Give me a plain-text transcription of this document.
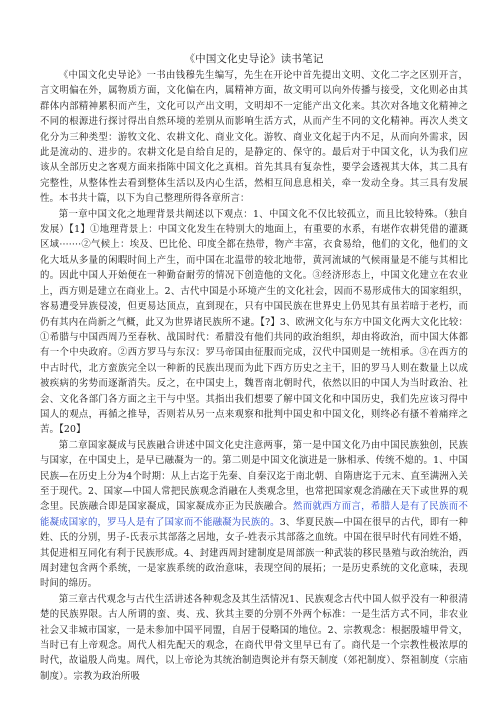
《中国文化史导论》读书笔记

《中国文化史导论》一书由钱穆先生编写，先生在开论中首先提出文明、文化二字之区别开言，言文明偏在外，属物质方面，文化偏在内，属精神方面，故文明可以向外传播与接受，文化则必由其群体内部精神累积而产生，文化可以产出文明，文明却不一定能产出文化来。其次对各地文化精神之不同的根源进行探讨得出自然环境的差别从而影响生活方式，从而产生不同的文化精神。再次人类文化分为三种类型：游牧文化、农耕文化、商业文化。游牧、商业文化起于内不足，从而向外需求，因此是流动的、进步的。农耕文化是自给自足的，是静定的、保守的。最后对于中国文化，认为我们应该从全部历史之客观方面来指陈中国文化之真相。首先其具有复杂性，要学会透视其大体，其二具有完整性，从整体性去看到整体生活以及内心生活，然相互间息息相关，牵一发动全身。其三具有发展性。本书共十篇，以下为自己整理所得各章所言：

第一章中国文化之地理背景共阐述以下观点：1、中国文化不仅比较孤立，而且比较特殊。（独自发展）【1】①地理背景上：中国文化发生在特别大的地面上，有重要的水系，有堪作农耕凭借的灌溉区域·······②气候上：埃及、巴比伦、印度全都在热带，物产丰富，衣食易给，他们的文化，他们的文化大坻从多量的闲暇时间上产生，而中国在北温带的较北地带，黄河流域的气候雨量是不能与其相比的。因此中国人开始便在一种勤奋耐劳的情况下创造他的文化。③经济形态上，中国文化建立在农业上，西方则是建立在商业上。2、古代中国是小环境产生的文化社会，因而不易形成伟大的国家组织，容易遭受异族侵凌，但更易达顶点，直到现在，只有中国民族在世界史上仍见其有虽若暗于老朽，而仍有其内在尚新之气概，此又为世界诸民族所不逮。【?】3、欧洲文化与东方中国文化两大文化比较：①希腊与中国西周乃至春秋、战国时代：希腊没有他们共同的政治组织，却由将政治，而中国大体都有一个中央政府。②西方罗马与东汉：罗马帝国由征服而完成，汉代中国则是一统相承。③在西方的中古时代，北方蛮族完全以一种新的民族出现而为此下西方历史之主干，旧的罗马人则在数量上以成被疾病的劣势而逐渐消失。反之，在中国史上，魏晋南北朝时代，依然以旧的中国人为当时政治、社会、文化各部门各方面之主干与中坚。其指出我们想要了解中国文化和中国历史，我们先应该习得中国人的观点，再循之推导，否则若从另一点来观察和批判中国史和中国文化，则终必有搔不着痛痒之苦。【20】

第二章国家凝成与民族融合讲述中国文化史注意两事，第一是中国文化乃由中国民族独创，民族与国家，在中国史上，是早已融凝为一的。第二则是中国文化演进是一脉相承、传统不熄的。1、中国民族—在历史上分为4个时期：从上古迄于先秦、自秦汉迄于南北朝、自隋唐迄于元末、直至满洲入关至于现代。2、国家—中国人常把民族观念消融在人类观念里，也常把国家观念消融在天下或世界的观念里。民族融合即是国家凝成，国家凝成亦正为民族融合。然而就西方而言，希腊人是有了民族而不能凝成国家的，罗马人是有了国家而不能融凝为民族的。3、华夏民族—中国在很早的古代，即有一种姓、氏的分别，男子-氏表示其部落之居地，女子-姓表示其部落之血统。中国在很早时代有同姓不婚，其促进相互同化有利于民族形成。4、封建西周封建制度是周部族一种武装的移民垦殖与政治统治，西周封建包含两个系统，一是家族系统的政治意味，表现空间的展拓；一是历史系统的文化意味，表现时间的绵历。

第三章古代观念与古代生活讲述各种观念及其生活情况1、民族观念古代中国人似乎没有一种很清楚的民族界限。古人所谓的蛮、夷、戎、狄其主要的分别不外两个标准：一是生活方式不同，非农业社会又非城市国家，一是未参加中国平同盟，自居于侵略国的地位。2、宗教观念：根据殷墟甲骨文，当时已有上帝观念。周代人相先配天的观念，在商代甲骨文里早已有了。商代是一个宗教性极浓厚的时代，故谥殷人尚鬼。周代，以上帝论为其统治制造舆论并有祭天制度（郊祀制度）、祭祖制度（宗庙制度）。宗教为政治所吸
